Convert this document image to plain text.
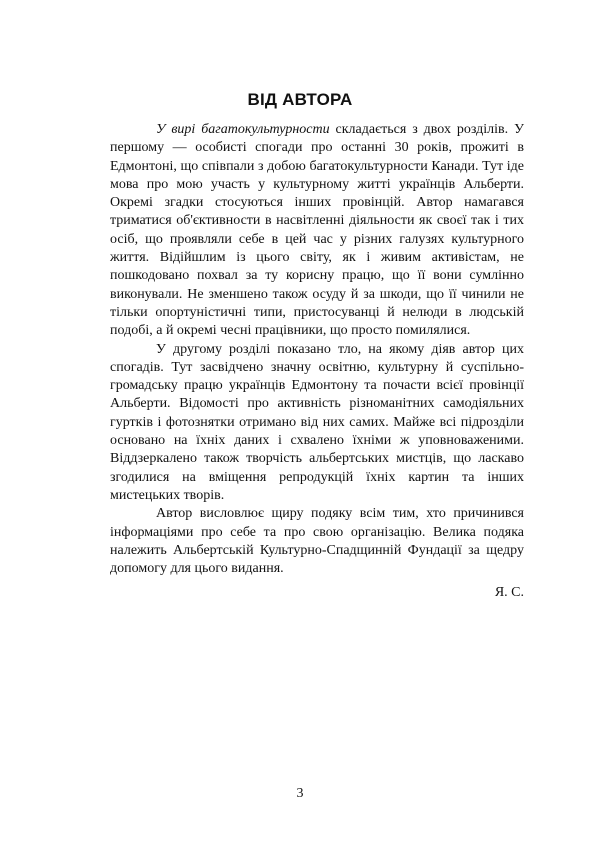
ВІД АВТОРА
У вирі багатокультурности складається з двох розділів. У
першому — особисті спогади про останні 30 років, прожиті в
Едмонтоні, що співпали з добою багатокультурности Канади. Тут іде
мова про мою участь у культурному житті українців Альберти.
Окремі згадки стосуються інших провінцій. Автор намагався
триматися об'єктивности в насвітленні діяльности як своєї так і тих
осіб, що проявляли себе в цей час у різних галузях культурного
життя. Відійшлим із цього світу, як і живим активістам, не
пошкодовано похвал за ту корисну працю, що її вони сумлінно
виконували. Не зменшено також осуду й за шкоди, що її чинили не
тільки опортуністичні типи, пристосуванці й нелюди в людській
подобі, а й окремі чесні працівники, що просто помилялися.
У другому розділі показано тло, на якому діяв автор цих
спогадів. Тут засвідчено значну освітню, культурну й суспільно-
громадську працю українців Едмонтону та почасти всієї провінції
Альберти. Відомості про активність різноманітних самодіяльних
гуртків і фотознятки отримано від них самих. Майже всі підрозділи
основано на їхніх даних і схвалено їхніми ж уповноваженими.
Віддзеркалено також творчість альбертських мистців, що ласкаво
згодилися на вміщення репродукцій їхніх картин та інших
мистецьких творів.
Автор висловлює щиру подяку всім тим, хто причинився
інформаціями про себе та про свою організацію. Велика подяка
належить Альбертській Культурно-Спадщинній Фундації за щедру
допомогу для цього видання.
Я. С.
3
